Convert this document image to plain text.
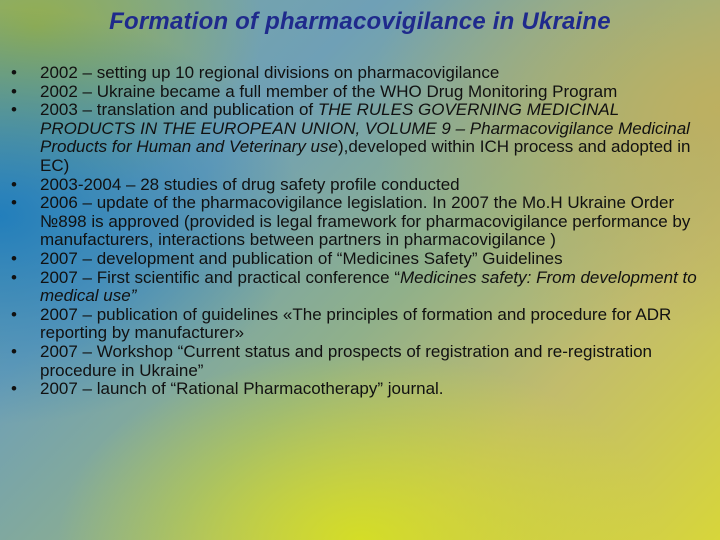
Formation of pharmacovigilance in Ukraine
• 2002 – setting up 10 regional divisions on pharmacovigilance
• 2002 – Ukraine became a full member of the WHO Drug Monitoring Program
• 2003 – translation and publication of THE RULES GOVERNING MEDICINAL PRODUCTS IN THE EUROPEAN UNION, VOLUME 9 – Pharmacovigilance Medicinal Products for Human and Veterinary use),developed within ICH process and adopted in EC)
• 2003-2004 – 28 studies of drug safety profile conducted
• 2006 – update of the pharmacovigilance legislation. In 2007 the Mo.H Ukraine Order №898 is approved (provided is legal framework for pharmacovigilance performance by manufacturers, interactions between partners in pharmacovigilance )
• 2007 – development and publication of “Medicines Safety” Guidelines
• 2007 – First scientific and practical conference “Medicines safety: From development to medical use”
• 2007 – publication of guidelines «The principles of formation and procedure for ADR reporting by manufacturer»
• 2007 – Workshop “Current status and prospects of registration and re-registration procedure in Ukraine”
• 2007 – launch of “Rational Pharmacotherapy” journal.
